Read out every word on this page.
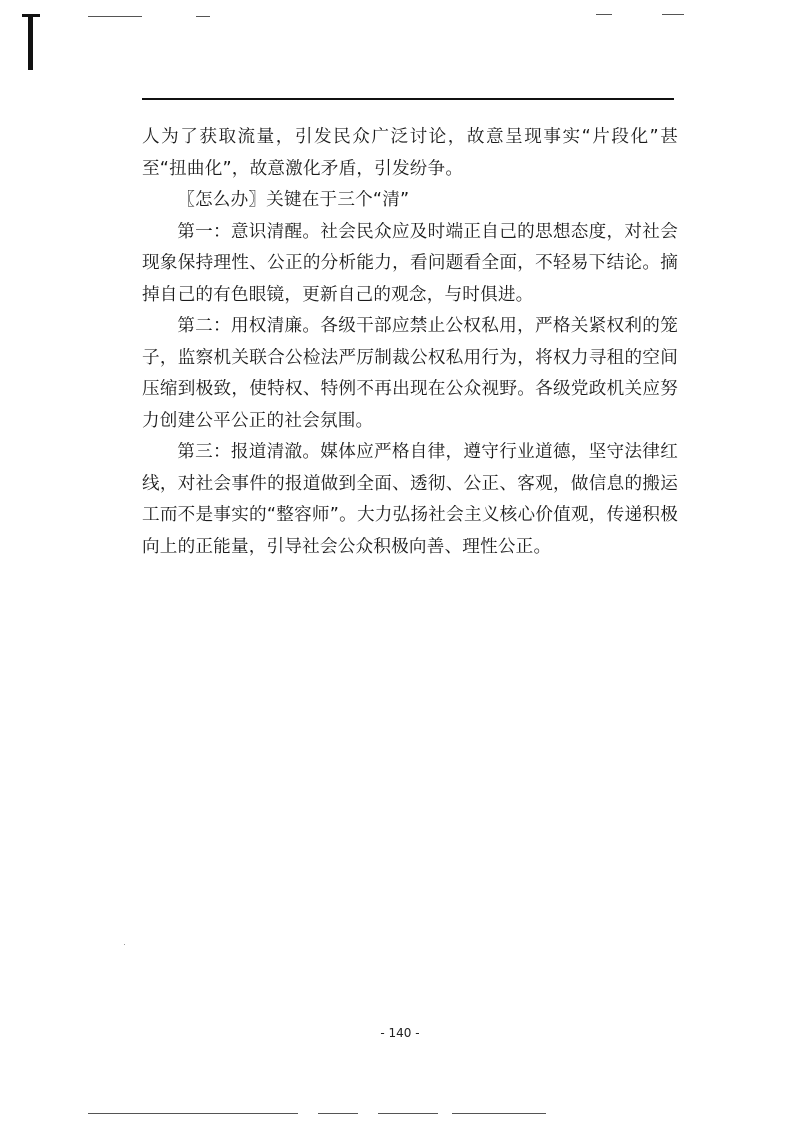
人为了获取流量，引发民众广泛讨论，故意呈现事实“片段化”甚至“扭曲化”，故意激化矛盾，引发纷争。

〖怎么办〗关键在于三个“清”

第一：意识清醒。社会民众应及时端正自己的思想态度，对社会现象保持理性、公正的分析能力，看问题看全面，不轻易下结论。摘掉自己的有色眼镜，更新自己的观念，与时俱进。

第二：用权清廉。各级干部应禁止公权私用，严格关紧权利的笼子，监察机关联合公检法严厉制裁公权私用行为，将权力寻租的空间压缩到极致，使特权、特例不再出现在公众视野。各级党政机关应努力创建公平公正的社会氛围。

第三：报道清澈。媒体应严格自律，遵守行业道德，坚守法律红线，对社会事件的报道做到全面、透彻、公正、客观，做信息的搬运工而不是事实的“整容师”。大力弘扬社会主义核心价值观，传递积极向上的正能量，引导社会公众积极向善、理性公正。

- 140 -
